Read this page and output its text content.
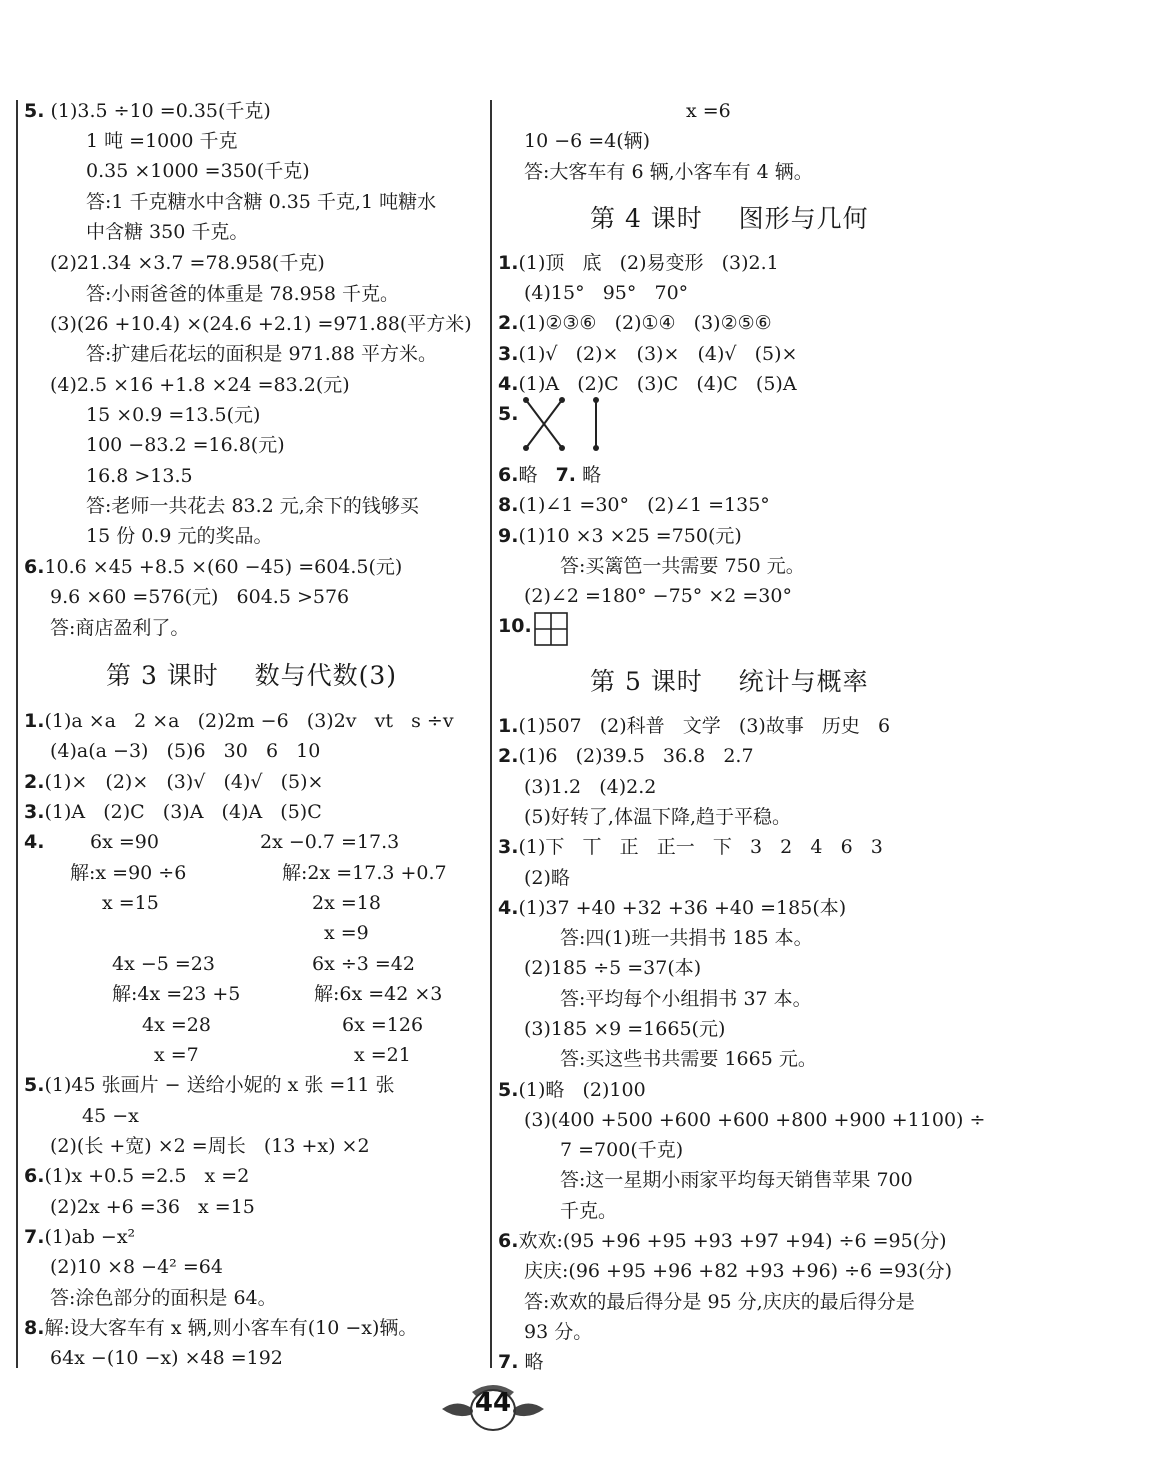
5. (1)3.5 ÷10 =0.35(千克)
1 吨 =1000 千克
0.35 ×1000 =350(千克)
答:1 千克糖水中含糖 0.35 千克,1 吨糖水
中含糖 350 千克。
(2)21.34 ×3.7 =78.958(千克)
答:小雨爸爸的体重是 78.958 千克。
(3)(26 +10.4) ×(24.6 +2.1) =971.88(平方米)
答:扩建后花坛的面积是 971.88 平方米。
(4)2.5 ×16 +1.8 ×24 =83.2(元)
15 ×0.9 =13.5(元)
100 −83.2 =16.8(元)
16.8 >13.5
答:老师一共花去 83.2 元,余下的钱够买
15 份 0.9 元的奖品。
6.10.6 ×45 +8.5 ×(60 −45) =604.5(元)
9.6 ×60 =576(元)   604.5 >576
答:商店盈利了。
第 3 课时    数与代数(3)
1.(1)a ×a   2 ×a   (2)2m −6   (3)2v   vt   s ÷v
(4)a(a −3)   (5)6   30   6   10
2.(1)×   (2)×   (3)√   (4)√   (5)×
3.(1)A   (2)C   (3)A   (4)A   (5)C
4. 6x =90	2x −0.7 =17.3
解:x =90 ÷6	解:2x =17.3 +0.7
x =15	2x =18
x =9
4x −5 =23	6x ÷3 =42
解:4x =23 +5	解:6x =42 ×3
4x =28	6x =126
x =7	x =21
5.(1)45 张画片 − 送给小妮的 x 张 =11 张
45 −x
(2)(长 +宽) ×2 =周长   (13 +x) ×2
6.(1)x +0.5 =2.5   x =2
(2)2x +6 =36   x =15
7.(1)ab −x²
(2)10 ×8 −4² =64
答:涂色部分的面积是 64。
8.解:设大客车有 x 辆,则小客车有(10 −x)辆。
64x −(10 −x) ×48 =192
x =6
10 −6 =4(辆)
答:大客车有 6 辆,小客车有 4 辆。
第 4 课时    图形与几何
1.(1)顶   底   (2)易变形   (3)2.1
(4)15°   95°   70°
2.(1)②③⑥   (2)①④   (3)②⑤⑥
3.(1)√   (2)×   (3)×   (4)√   (5)×
4.(1)A   (2)C   (3)C   (4)C   (5)A
5.
6.略   7. 略
8.(1)∠1 =30°   (2)∠1 =135°
9.(1)10 ×3 ×25 =750(元)
答:买篱笆一共需要 750 元。
(2)∠2 =180° −75° ×2 =30°
10.
第 5 课时    统计与概率
1.(1)507   (2)科普   文学   (3)故事   历史   6
2.(1)6   (2)39.5   36.8   2.7
(3)1.2   (4)2.2
(5)好转了,体温下降,趋于平稳。
3.(1)下   丅   正   正一   下   3   2   4   6   3
(2)略
4.(1)37 +40 +32 +36 +40 =185(本)
答:四(1)班一共捐书 185 本。
(2)185 ÷5 =37(本)
答:平均每个小组捐书 37 本。
(3)185 ×9 =1665(元)
答:买这些书共需要 1665 元。
5.(1)略   (2)100
(3)(400 +500 +600 +600 +800 +900 +1100) ÷
7 =700(千克)
答:这一星期小雨家平均每天销售苹果 700
千克。
6.欢欢:(95 +96 +95 +93 +97 +94) ÷6 =95(分)
庆庆:(96 +95 +96 +82 +93 +96) ÷6 =93(分)
答:欢欢的最后得分是 95 分,庆庆的最后得分是
93 分。
7. 略
44
